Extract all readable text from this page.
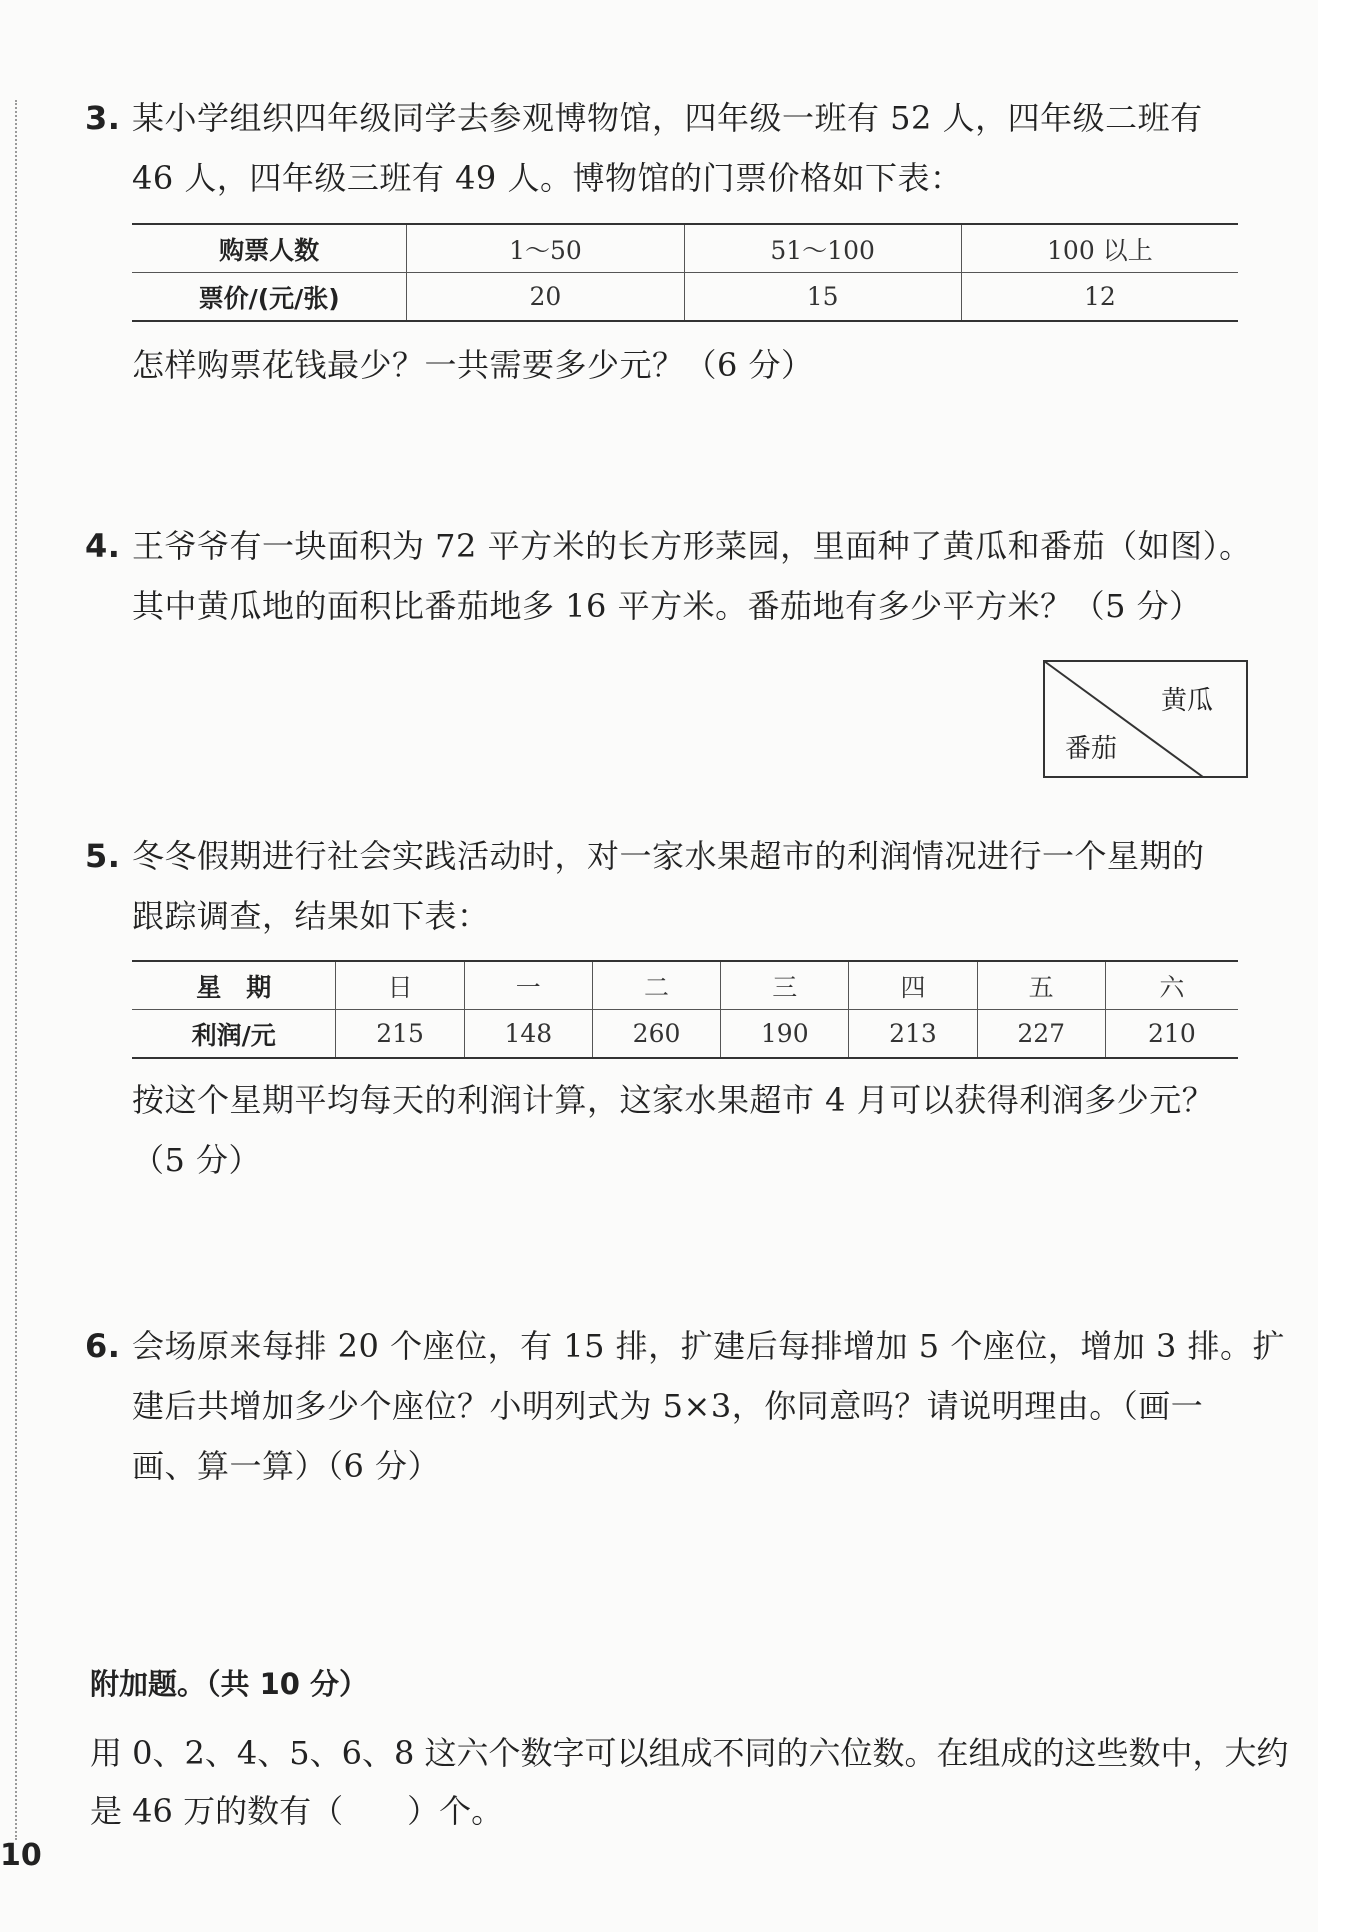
3. 某小学组织四年级同学去参观博物馆，四年级一班有 52 人，四年级二班有
46 人，四年级三班有 49 人。博物馆的门票价格如下表：
购票人数	1～50	51～100	100 以上
票价/(元/张)	20	15	12
怎样购票花钱最少？一共需要多少元？（6 分）
4. 王爷爷有一块面积为 72 平方米的长方形菜园，里面种了黄瓜和番茄（如图）。
其中黄瓜地的面积比番茄地多 16 平方米。番茄地有多少平方米？（5 分）
黄瓜
番茄
5. 冬冬假期进行社会实践活动时，对一家水果超市的利润情况进行一个星期的
跟踪调查，结果如下表：
星　期	日	一	二	三	四	五	六
利润/元	215	148	260	190	213	227	210
按这个星期平均每天的利润计算，这家水果超市 4 月可以获得利润多少元？
（5 分）
6. 会场原来每排 20 个座位，有 15 排，扩建后每排增加 5 个座位，增加 3 排。扩
建后共增加多少个座位？小明列式为 5×3，你同意吗？请说明理由。（画一
画、算一算）（6 分）
附加题。（共 10 分）
用 0、2、4、5、6、8 这六个数字可以组成不同的六位数。在组成的这些数中，大约
是 46 万的数有（　　）个。
10
